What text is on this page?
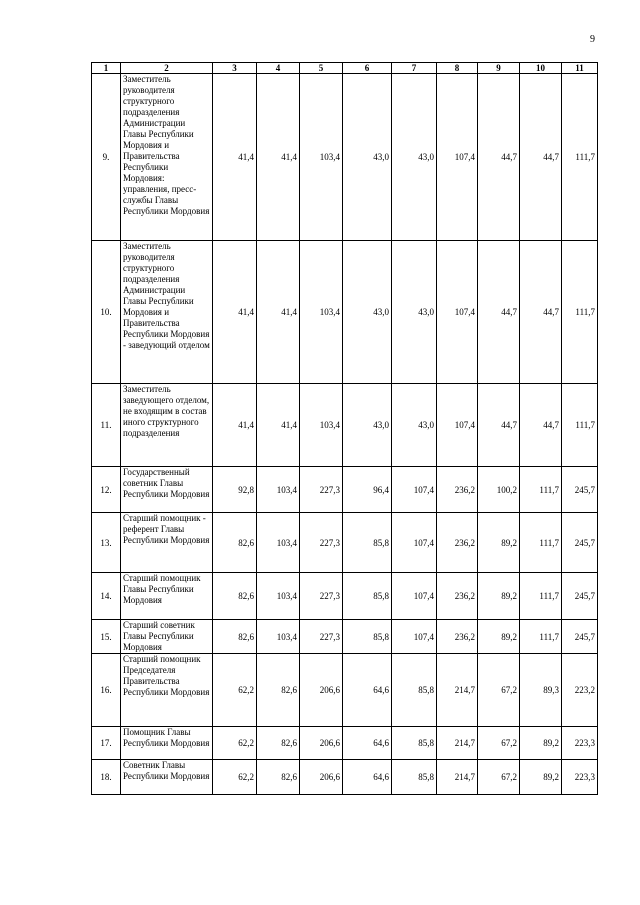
9
1	2	3	4	5	6	7	8	9	10	11
9.	Заместитель руководителя структурного подразделения Администрации Главы Республики Мордовия и Правительства Республики Мордовия: управления, пресс-службы Главы Республики Мордовия	41,4	41,4	103,4	43,0	43,0	107,4	44,7	44,7	111,7
10.	Заместитель руководителя структурного подразделения Администрации Главы Республики Мордовия и Правительства Республики Мордовия - заведующий отделом	41,4	41,4	103,4	43,0	43,0	107,4	44,7	44,7	111,7
11.	Заместитель заведующего отделом, не входящим в состав иного структурного подразделения	41,4	41,4	103,4	43,0	43,0	107,4	44,7	44,7	111,7
12.	Государственный советник Главы Республики Мордовия	92,8	103,4	227,3	96,4	107,4	236,2	100,2	111,7	245,7
13.	Старший помощник - референт Главы Республики Мордовия	82,6	103,4	227,3	85,8	107,4	236,2	89,2	111,7	245,7
14.	Старший помощник Главы Республики Мордовия	82,6	103,4	227,3	85,8	107,4	236,2	89,2	111,7	245,7
15.	Старший советник Главы Республики Мордовия	82,6	103,4	227,3	85,8	107,4	236,2	89,2	111,7	245,7
16.	Старший помощник Председателя Правительства Республики Мордовия	62,2	82,6	206,6	64,6	85,8	214,7	67,2	89,3	223,2
17.	Помощник Главы Республики Мордовия	62,2	82,6	206,6	64,6	85,8	214,7	67,2	89,2	223,3
18.	Советник Главы Республики Мордовия	62,2	82,6	206,6	64,6	85,8	214,7	67,2	89,2	223,3
